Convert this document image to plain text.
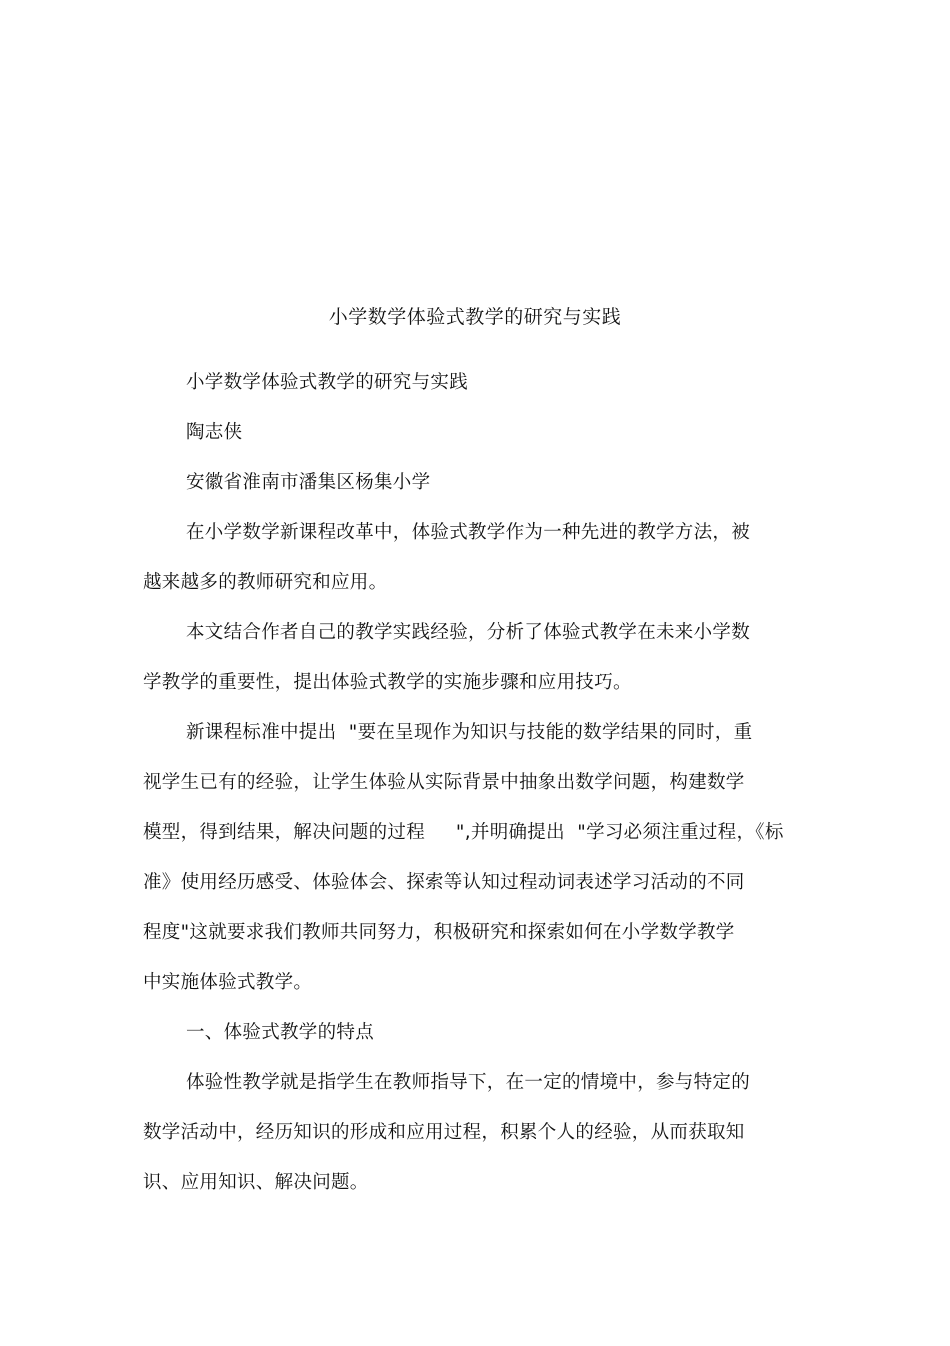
小学数学体验式教学的研究与实践
小学数学体验式教学的研究与实践
陶志侠
安徽省淮南市潘集区杨集小学
在小学数学新课程改革中，体验式教学作为一种先进的教学方法，被
越来越多的教师研究和应用。
本文结合作者自己的教学实践经验，分析了体验式教学在未来小学数
学教学的重要性，提出体验式教学的实施步骤和应用技巧。
新课程标准中提出  "要在呈现作为知识与技能的数学结果的同时，重
视学生已有的经验，让学生体验从实际背景中抽象出数学问题，构建数学
模型，得到结果，解决问题的过程     ",并明确提出  "学习必须注重过程，《标
准》使用经历感受、体验体会、探索等认知过程动词表述学习活动的不同
程度"这就要求我们教师共同努力，积极研究和探索如何在小学数学教学
中实施体验式教学。
一、体验式教学的特点
体验性教学就是指学生在教师指导下，在一定的情境中，参与特定的
数学活动中，经历知识的形成和应用过程，积累个人的经验，从而获取知
识、应用知识、解决问题。
